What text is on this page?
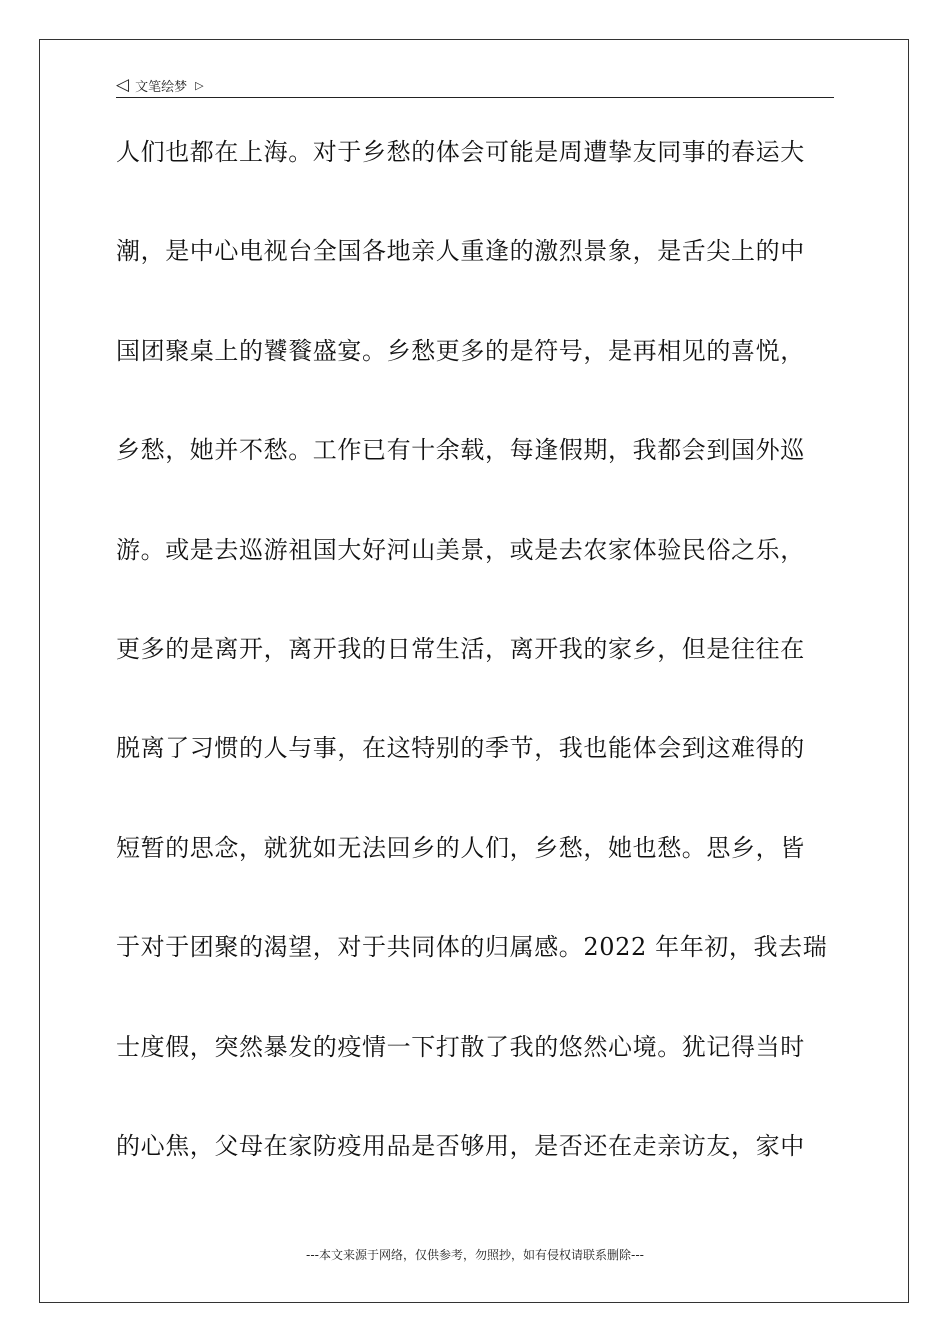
◁ 文笔绘梦 ▷
人们也都在上海。对于乡愁的体会可能是周遭挚友同事的春运大
潮，是中心电视台全国各地亲人重逢的激烈景象，是舌尖上的中
国团聚桌上的饕餮盛宴。乡愁更多的是符号，是再相见的喜悦，
乡愁，她并不愁。工作已有十余载，每逢假期，我都会到国外巡
游。或是去巡游祖国大好河山美景，或是去农家体验民俗之乐，
更多的是离开，离开我的日常生活，离开我的家乡，但是往往在
脱离了习惯的人与事，在这特别的季节，我也能体会到这难得的
短暂的思念，就犹如无法回乡的人们，乡愁，她也愁。思乡，皆
于对于团聚的渴望，对于共同体的归属感。2022 年年初，我去瑞
士度假，突然暴发的疫情一下打散了我的悠然心境。犹记得当时
的心焦，父母在家防疫用品是否够用，是否还在走亲访友，家中
---本文来源于网络，仅供参考，勿照抄，如有侵权请联系删除---
